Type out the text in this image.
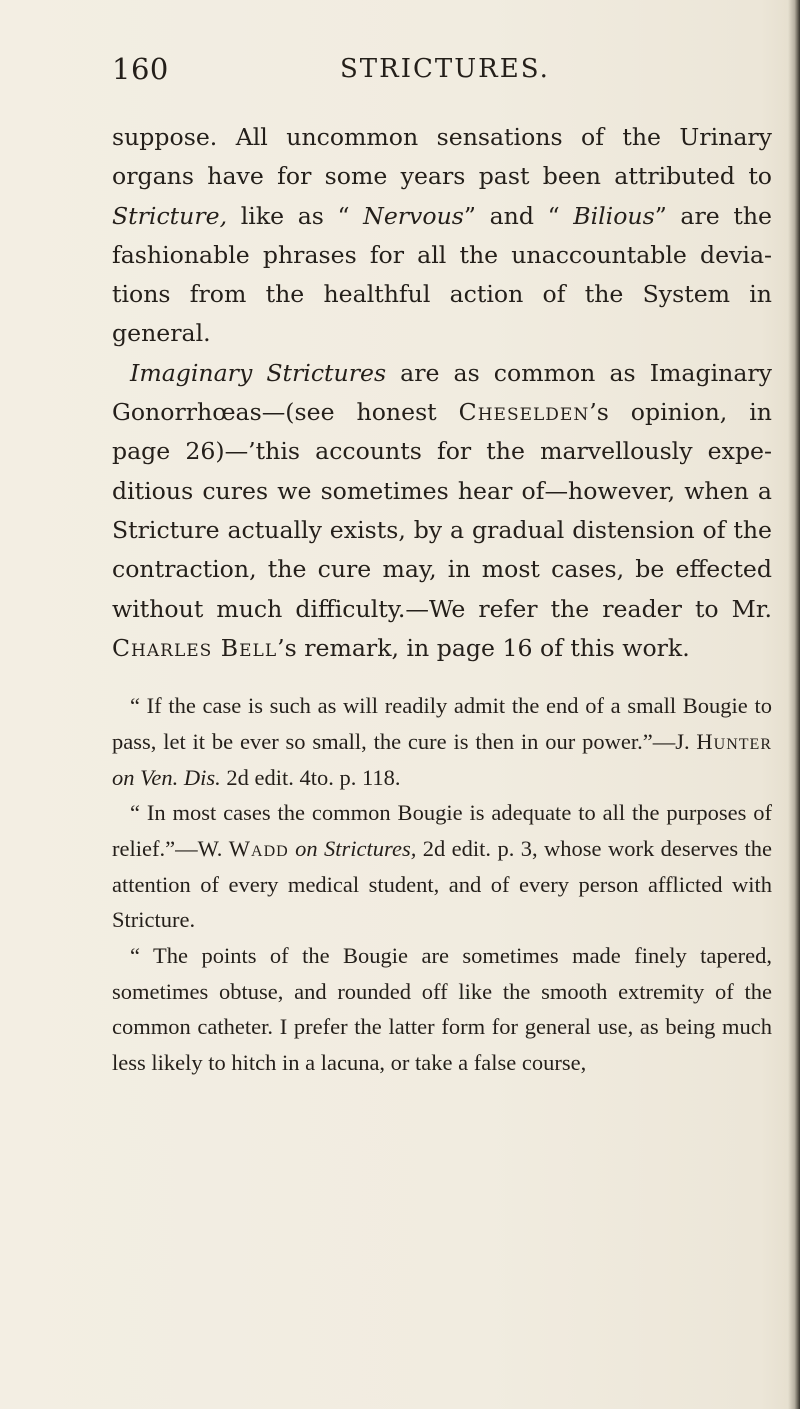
160	STRICTURES.

suppose. All uncommon sensations of the Urinary organs have for some years past been attributed to Stricture, like as “ Nervous” and “ Bilious” are the fashionable phrases for all the unaccountable devia- tions from the healthful action of the System in general.

Imaginary Strictures are as common as Imaginary Gonorrhœas—(see honest Cheselden’s opinion, in page 26)—’this accounts for the marvellously expe- ditious cures we sometimes hear of—however, when a Stricture actually exists, by a gradual distension of the contraction, the cure may, in most cases, be effected without much difficulty.—We refer the reader to Mr. Charles Bell’s remark, in page 16 of this work.

“ If the case is such as will readily admit the end of a small Bougie to pass, let it be ever so small, the cure is then in our power.”—J. Hunter on Ven. Dis. 2d edit. 4to. p. 118.

“ In most cases the common Bougie is adequate to all the purposes of relief.”—W. Wadd on Strictures, 2d edit. p. 3, whose work deserves the attention of every medical student, and of every person afflicted with Stricture.

“ The points of the Bougie are sometimes made finely tapered, sometimes obtuse, and rounded off like the smooth extremity of the common catheter. I prefer the latter form for general use, as being much less likely to hitch in a lacuna, or take a false course,
